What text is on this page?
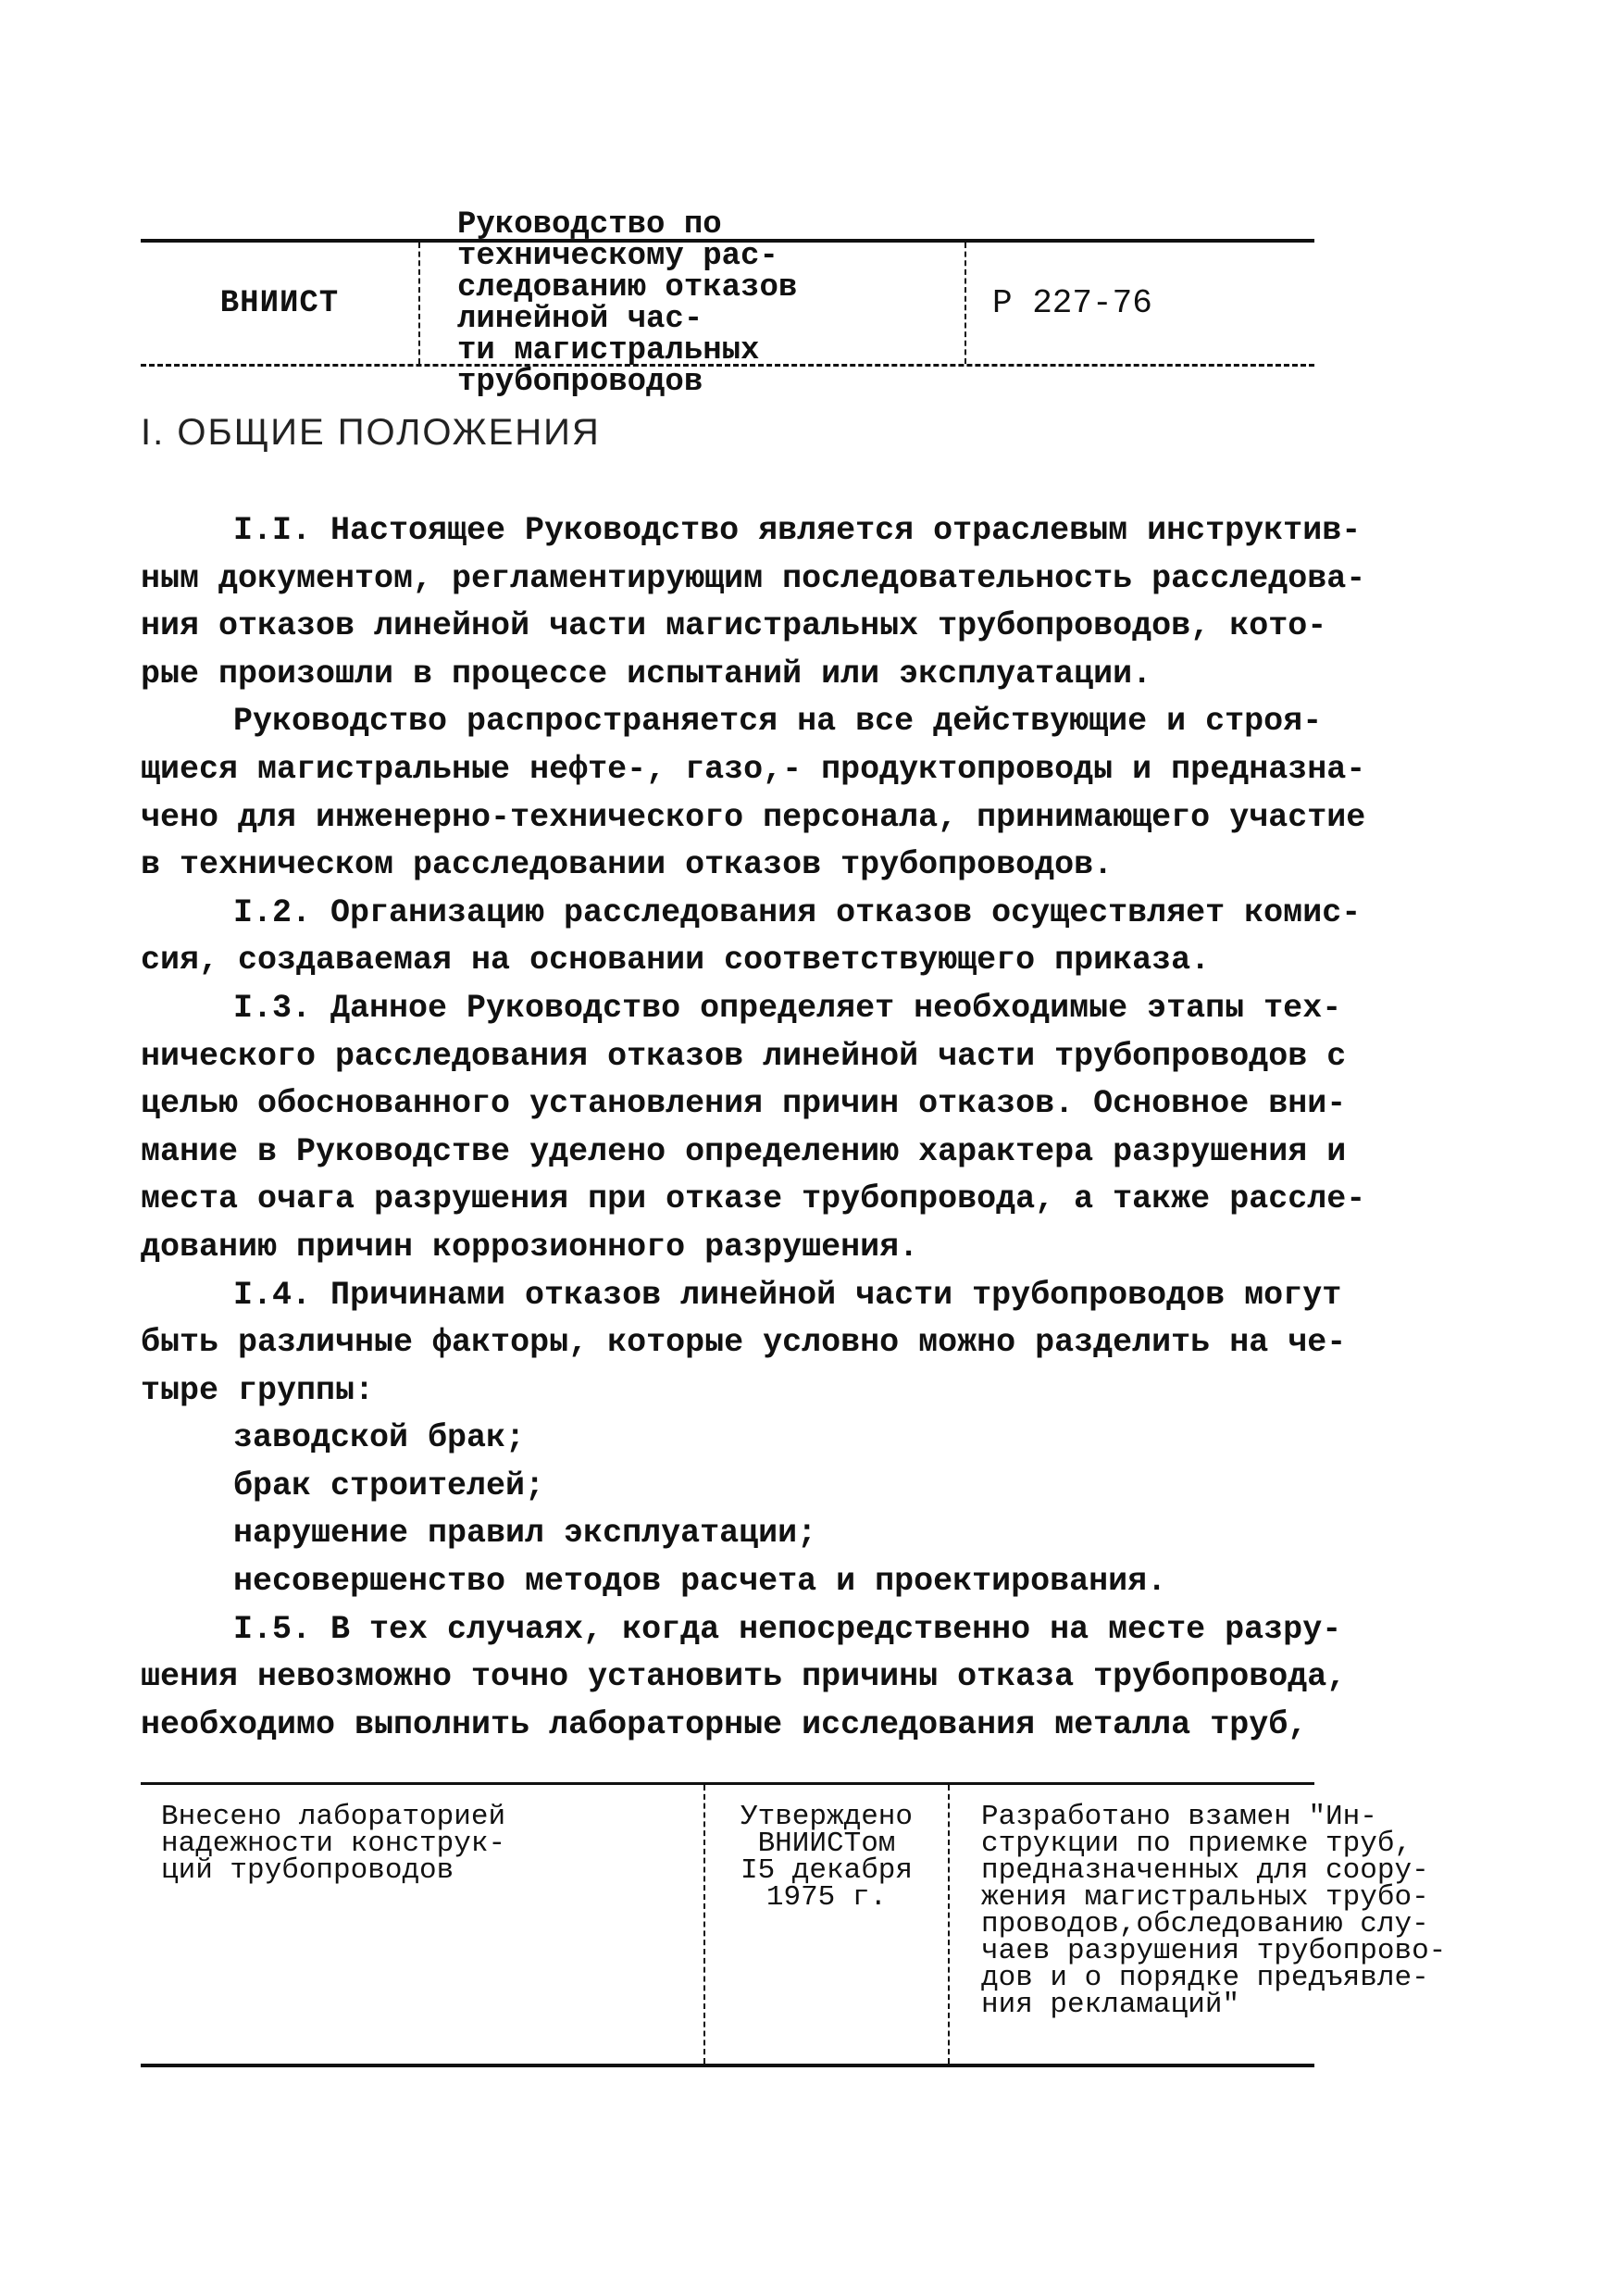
ВНИИСТ
Руководство по техническому рас-
следованию отказов линейной час-
ти магистральных трубопроводов
Р 227-76
I. ОБЩИЕ ПОЛОЖЕНИЯ
I.I. Настоящее Руководство является отраслевым инструктив-
ным документом, регламентирующим последовательность расследова-
ния отказов линейной части магистральных трубопроводов, кото-
рые произошли в процессе испытаний или эксплуатации.
Руководство распространяется на все действующие и строя-
щиеся магистральные нефте-, газо,- продуктопроводы и предназна-
чено для инженерно-технического персонала, принимающего участие
в техническом расследовании отказов трубопроводов.
I.2. Организацию расследования отказов осуществляет комис-
сия, создаваемая на основании соответствующего приказа.
I.3. Данное Руководство определяет необходимые этапы тех-
нического расследования отказов линейной части трубопроводов с
целью обоснованного установления причин отказов. Основное вни-
мание в Руководстве уделено определению характера разрушения и
места очага разрушения при отказе трубопровода, а также рассле-
дованию причин коррозионного разрушения.
I.4. Причинами отказов линейной части трубопроводов могут
быть различные факторы, которые условно можно разделить на че-
тыре группы:
заводской брак;
брак строителей;
нарушение правил эксплуатации;
несовершенство методов расчета и проектирования.
I.5. В тех случаях, когда непосредственно на месте разру-
шения невозможно точно установить причины отказа трубопровода,
необходимо выполнить лабораторные исследования металла труб,
Внесено лабораторией
надежности конструк-
ций трубопроводов
Утверждено
ВНИИСТом
I5 декабря
1975 г.
Разработано взамен "Ин-
струкции по приемке труб,
предназначенных для соору-
жения магистральных трубо-
проводов,обследованию слу-
чаев разрушения трубопрово-
дов и о порядке предъявле-
ния рекламаций"
